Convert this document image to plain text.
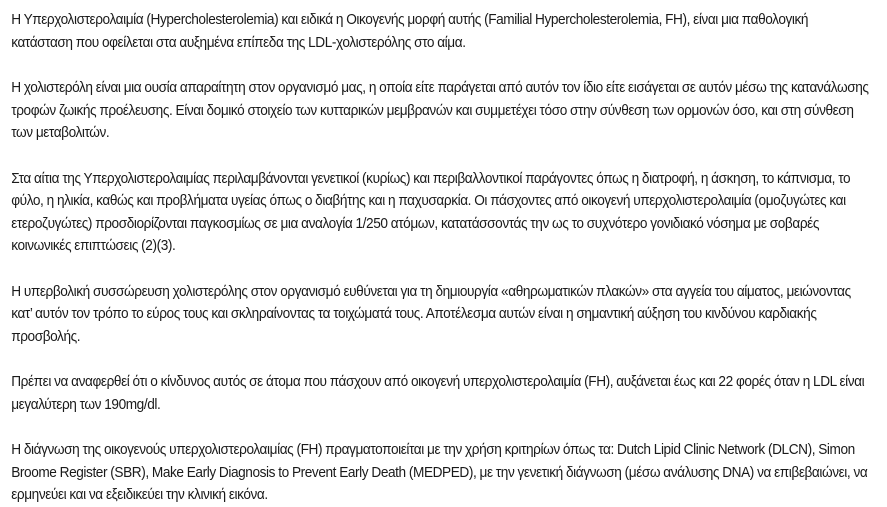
Η Υπερχολιστερολαιμία (Hypercholesterolemia) και ειδικά η Οικογενής μορφή αυτής (Familial Hypercholesterolemia, FH), είναι μια παθολογική κατάσταση που οφείλεται στα αυξημένα επίπεδα της LDL-χολιστερόλης στο αίμα.

Η χολιστερόλη είναι μια ουσία απαραίτητη στον οργανισμό μας, η οποία είτε παράγεται από αυτόν τον ίδιο είτε εισάγεται σε αυτόν μέσω της κατανάλωσης τροφών ζωικής προέλευσης. Είναι δομικό στοιχείο των κυτταρικών μεμβρανών και συμμετέχει τόσο στην σύνθεση των ορμονών όσο, και στη σύνθεση των μεταβολιτών.

Στα αίτια της Υπερχολιστερολαιμίας περιλαμβάνονται γενετικοί (κυρίως) και περιβαλλοντικοί παράγοντες όπως η διατροφή, η άσκηση, το κάπνισμα, το φύλο, η ηλικία, καθώς και προβλήματα υγείας όπως ο διαβήτης και η παχυσαρκία. Οι πάσχοντες από οικογενή υπερχολιστερολαιμία (ομοζυγώτες και ετεροζυγώτες) προσδιορίζονται παγκοσμίως σε μια αναλογία 1/250 ατόμων, κατατάσσοντάς την ως το συχνότερο γονιδιακό νόσημα με σοβαρές κοινωνικές επιπτώσεις (2)(3).

Η υπερβολική συσσώρευση χολιστερόλης στον οργανισμό ευθύνεται για τη δημιουργία «αθηρωματικών πλακών» στα αγγεία του αίματος, μειώνοντας κατ’ αυτόν τον τρόπο το εύρος τους και σκληραίνοντας τα τοιχώματά τους. Αποτέλεσμα αυτών είναι η σημαντική αύξηση του κινδύνου καρδιακής προσβολής.

Πρέπει να αναφερθεί ότι ο κίνδυνος αυτός σε άτομα που πάσχουν από οικογενή υπερχολιστερολαιμία (FH), αυξάνεται έως και 22 φορές όταν η LDL είναι μεγαλύτερη των 190mg/dl.

Η διάγνωση της οικογενούς υπερχολιστερολαιμίας (FH) πραγματοποιείται με την χρήση κριτηρίων όπως τα: Dutch Lipid Clinic Network (DLCN), Simon Broome Register (SBR), Make Early Diagnosis to Prevent Early Death (MEDPED), με την γενετική διάγνωση (μέσω ανάλυσης DNA) να επιβεβαιώνει, να ερμηνεύει και να εξειδικεύει την κλινική εικόνα.
